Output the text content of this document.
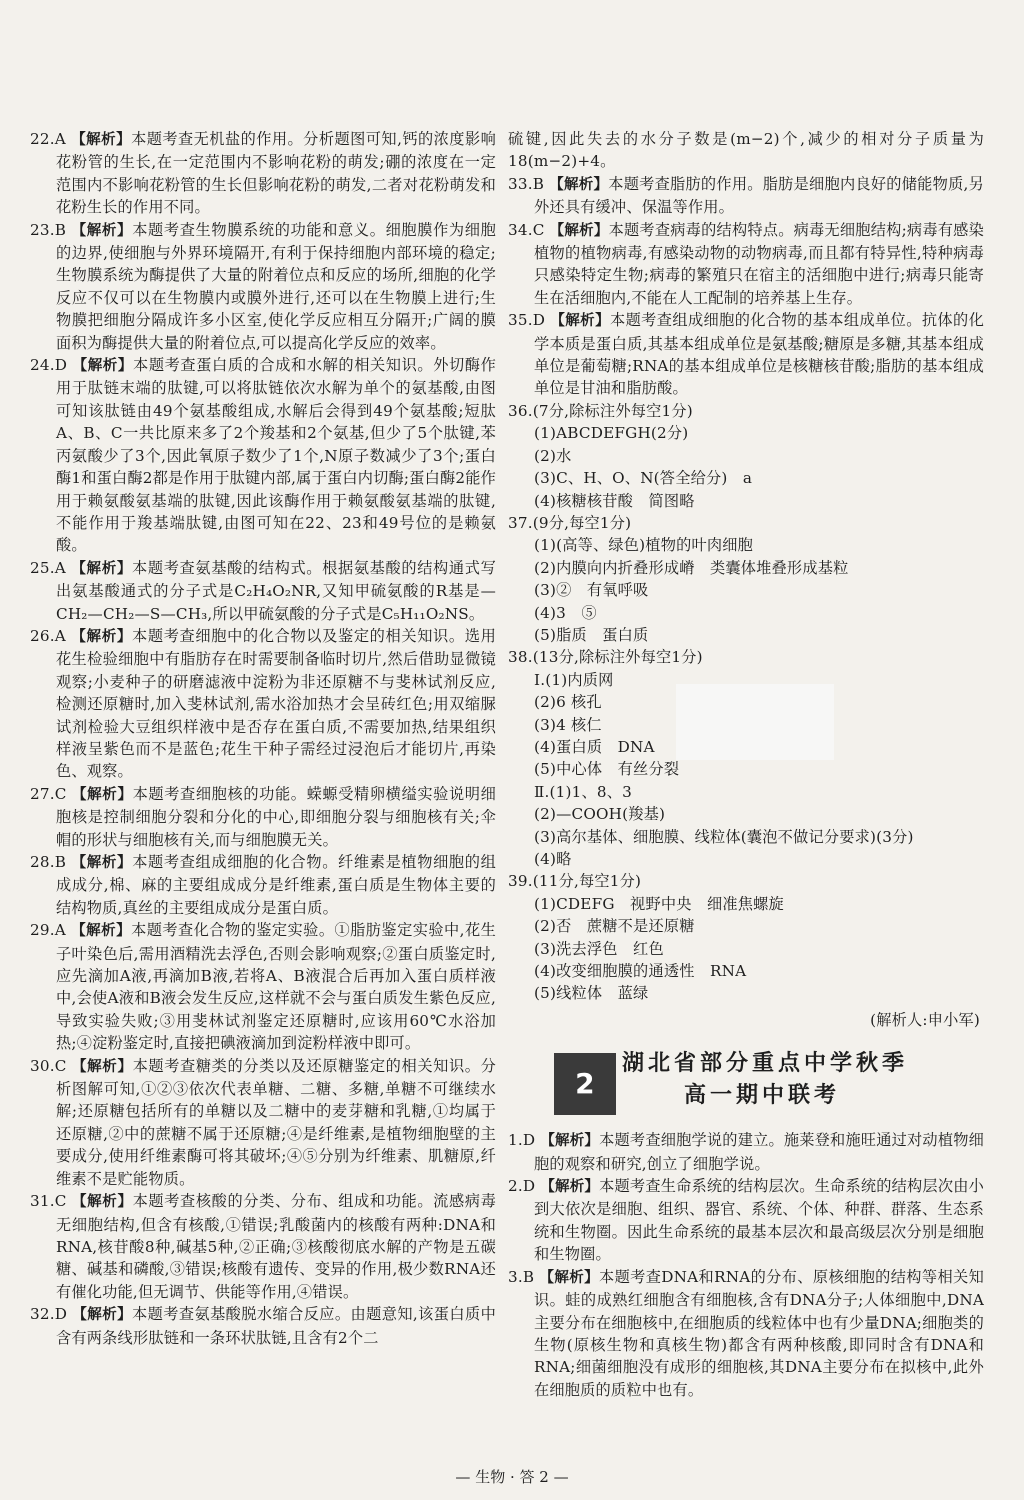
22.A 【解析】本题考查无机盐的作用。分析题图可知,钙的浓度影响花粉管的生长,在一定范围内不影响花粉的萌发;硼的浓度在一定范围内不影响花粉管的生长但影响花粉的萌发,二者对花粉萌发和花粉生长的作用不同。

23.B 【解析】本题考查生物膜系统的功能和意义。细胞膜作为细胞的边界,使细胞与外界环境隔开,有利于保持细胞内部环境的稳定;生物膜系统为酶提供了大量的附着位点和反应的场所,细胞的化学反应不仅可以在生物膜内或膜外进行,还可以在生物膜上进行;生物膜把细胞分隔成许多小区室,使化学反应相互分隔开;广阔的膜面积为酶提供大量的附着位点,可以提高化学反应的效率。

24.D 【解析】本题考查蛋白质的合成和水解的相关知识。外切酶作用于肽链末端的肽键,可以将肽链依次水解为单个的氨基酸,由图可知该肽链由49个氨基酸组成,水解后会得到49个氨基酸;短肽A、B、C一共比原来多了2个羧基和2个氨基,但少了5个肽键,苯丙氨酸少了3个,因此氧原子数少了1个,N原子数减少了3个;蛋白酶1和蛋白酶2都是作用于肽键内部,属于蛋白内切酶;蛋白酶2能作用于赖氨酸氨基端的肽键,因此该酶作用于赖氨酸氨基端的肽键,不能作用于羧基端肽键,由图可知在22、23和49号位的是赖氨酸。

25.A 【解析】本题考查氨基酸的结构式。根据氨基酸的结构通式写出氨基酸通式的分子式是C₂H₄O₂NR,又知甲硫氨酸的R基是—CH₂—CH₂—S—CH₃,所以甲硫氨酸的分子式是C₅H₁₁O₂NS。

26.A 【解析】本题考查细胞中的化合物以及鉴定的相关知识。选用花生检验细胞中有脂肪存在时需要制备临时切片,然后借助显微镜观察;小麦种子的研磨滤液中淀粉为非还原糖不与斐林试剂反应,检测还原糖时,加入斐林试剂,需水浴加热才会呈砖红色;用双缩脲试剂检验大豆组织样液中是否存在蛋白质,不需要加热,结果组织样液呈紫色而不是蓝色;花生干种子需经过浸泡后才能切片,再染色、观察。

27.C 【解析】本题考查细胞核的功能。蝾螈受精卵横缢实验说明细胞核是控制细胞分裂和分化的中心,即细胞分裂与细胞核有关;伞帽的形状与细胞核有关,而与细胞膜无关。

28.B 【解析】本题考查组成细胞的化合物。纤维素是植物细胞的组成成分,棉、麻的主要组成成分是纤维素,蛋白质是生物体主要的结构物质,真丝的主要组成成分是蛋白质。

29.A 【解析】本题考查化合物的鉴定实验。①脂肪鉴定实验中,花生子叶染色后,需用酒精洗去浮色,否则会影响观察;②蛋白质鉴定时,应先滴加A液,再滴加B液,若将A、B液混合后再加入蛋白质样液中,会使A液和B液会发生反应,这样就不会与蛋白质发生紫色反应,导致实验失败;③用斐林试剂鉴定还原糖时,应该用60℃水浴加热;④淀粉鉴定时,直接把碘液滴加到淀粉样液中即可。

30.C 【解析】本题考查糖类的分类以及还原糖鉴定的相关知识。分析图解可知,①②③依次代表单糖、二糖、多糖,单糖不可继续水解;还原糖包括所有的单糖以及二糖中的麦芽糖和乳糖,①均属于还原糖,②中的蔗糖不属于还原糖;④是纤维素,是植物细胞壁的主要成分,使用纤维素酶可将其破坏;④⑤分别为纤维素、肌糖原,纤维素不是贮能物质。

31.C 【解析】本题考查核酸的分类、分布、组成和功能。流感病毒无细胞结构,但含有核酸,①错误;乳酸菌内的核酸有两种:DNA和RNA,核苷酸8种,碱基5种,②正确;③核酸彻底水解的产物是五碳糖、碱基和磷酸,③错误;核酸有遗传、变异的作用,极少数RNA还有催化功能,但无调节、供能等作用,④错误。

32.D 【解析】本题考查氨基酸脱水缩合反应。由题意知,该蛋白质中含有两条线形肽链和一条环状肽链,且含有2个二

硫键,因此失去的水分子数是(m−2)个,减少的相对分子质量为18(m−2)+4。

33.B 【解析】本题考查脂肪的作用。脂肪是细胞内良好的储能物质,另外还具有缓冲、保温等作用。

34.C 【解析】本题考查病毒的结构特点。病毒无细胞结构;病毒有感染植物的植物病毒,有感染动物的动物病毒,而且都有特异性,特种病毒只感染特定生物;病毒的繁殖只在宿主的活细胞中进行;病毒只能寄生在活细胞内,不能在人工配制的培养基上生存。

35.D 【解析】本题考查组成细胞的化合物的基本组成单位。抗体的化学本质是蛋白质,其基本组成单位是氨基酸;糖原是多糖,其基本组成单位是葡萄糖;RNA的基本组成单位是核糖核苷酸;脂肪的基本组成单位是甘油和脂肪酸。

36.(7分,除标注外每空1分)

(1)ABCDEFGH(2分)

(2)水

(3)C、H、O、N(答全给分)　a

(4)核糖核苷酸　简图略

37.(9分,每空1分)

(1)(高等、绿色)植物的叶肉细胞

(2)内膜向内折叠形成嵴　类囊体堆叠形成基粒

(3)②　有氧呼吸

(4)3　⑤

(5)脂质　蛋白质

38.(13分,除标注外每空1分)

Ⅰ.(1)内质网

(2)6 核孔

(3)4 核仁

(4)蛋白质　DNA

(5)中心体　有丝分裂

Ⅱ.(1)1、8、3

(2)—COOH(羧基)

(3)高尔基体、细胞膜、线粒体(囊泡不做记分要求)(3分)

(4)略

39.(11分,每空1分)

(1)CDEFG　视野中央　细准焦螺旋

(2)否　蔗糖不是还原糖

(3)洗去浮色　红色

(4)改变细胞膜的通透性　RNA

(5)线粒体　蓝绿

(解析人:申小军)

2
湖北省部分重点中学秋季
高一期中联考

1.D 【解析】本题考查细胞学说的建立。施莱登和施旺通过对动植物细胞的观察和研究,创立了细胞学说。

2.D 【解析】本题考查生命系统的结构层次。生命系统的结构层次由小到大依次是细胞、组织、器官、系统、个体、种群、群落、生态系统和生物圈。因此生命系统的最基本层次和最高级层次分别是细胞和生物圈。

3.B 【解析】本题考查DNA和RNA的分布、原核细胞的结构等相关知识。蛙的成熟红细胞含有细胞核,含有DNA分子;人体细胞中,DNA主要分布在细胞核中,在细胞质的线粒体中也有少量DNA;细胞类的生物(原核生物和真核生物)都含有两种核酸,即同时含有DNA和RNA;细菌细胞没有成形的细胞核,其DNA主要分布在拟核中,此外在细胞质的质粒中也有。

— 生物 · 答 2 —
